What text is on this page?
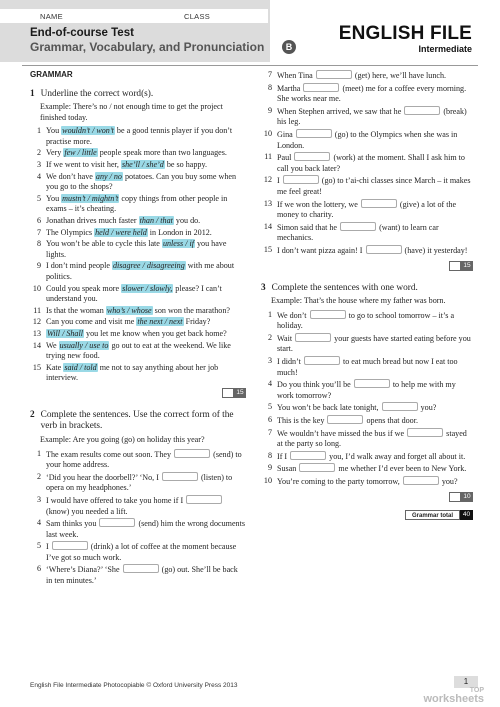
NAME	CLASS
End-of-course Test
Grammar, Vocabulary, and Pronunciation	B
ENGLISH FILE
Intermediate
GRAMMAR
1 Underline the correct word(s).
Example: There’s no / not enough time to get the project finished today.
1 You wouldn’t / won’t be a good tennis player if you don’t practise more.
2 Very few / little people speak more than two languages.
3 If we went to visit her, she’ll / she’d be so happy.
4 We don’t have any / no potatoes. Can you buy some when you go to the shops?
5 You mustn’t / mightn’t copy things from other people in exams – it’s cheating.
6 Jonathan drives much faster than / that you do.
7 The Olympics held / were held in London in 2012.
8 You won’t be able to cycle this late unless / if you have lights.
9 I don’t mind people disagree / disagreeing with me about politics.
10 Could you speak more slower / slowly, please? I can’t understand you.
11 Is that the woman who’s / whose son won the marathon?
12 Can you come and visit me the next / next Friday?
13 Will / Shall you let me know when you get back home?
14 We usually / use to go out to eat at the weekend. We like trying new food.
15 Kate said / told me not to say anything about her job interview.
15
2 Complete the sentences. Use the correct form of the verb in brackets.
Example: Are you going (go) on holiday this year?
1 The exam results come out soon. They	(send) to your home address.
2 ‘Did you hear the doorbell?’ ‘No, I	(listen) to opera on my headphones.’
3 I would have offered to take you home if I  (know) you needed a lift.
4 Sam thinks you	(send) him the wrong documents last week.
5 I	(drink) a lot of coffee at the moment because I’ve got so much work.
6 ‘Where’s Diana?’ ‘She	(go) out. She’ll be back in ten minutes.’
7 When Tina	(get) here, we’ll have lunch.
8 Martha	(meet) me for a coffee every morning. She works near me.
9 When Stephen arrived, we saw that he	(break) his leg.
10 Gina	(go) to the Olympics when she was in London.
11 Paul	(work) at the moment. Shall I ask him to call you back later?
12 I	(go) to t’ai-chi classes since March – it makes me feel great!
13 If we won the lottery, we	(give) a lot of the money to charity.
14 Simon said that he	(want) to learn car mechanics.
15 I don’t want pizza again! I	(have) it yesterday!
15
3 Complete the sentences with one word.
Example: That’s the house where my father was born.
1 We don’t	to go to school tomorrow – it’s a holiday.
2 Wait	your guests have started eating before you start.
3 I didn’t	to eat much bread but now I eat too much!
4 Do you think you’ll be	to help me with my work tomorrow?
5 You won’t be back late tonight,	you?
6 This is the key	opens that door.
7 We wouldn’t have missed the bus if we	stayed at the party so long.
8 If I	you, I’d walk away and forget all about it.
9 Susan	me whether I’d ever been to New York.
10 You’re coming to the party tomorrow,	you?
10
Grammar total	40
English File Intermediate Photocopiable © Oxford University Press 2013	1
TOP
worksheets
